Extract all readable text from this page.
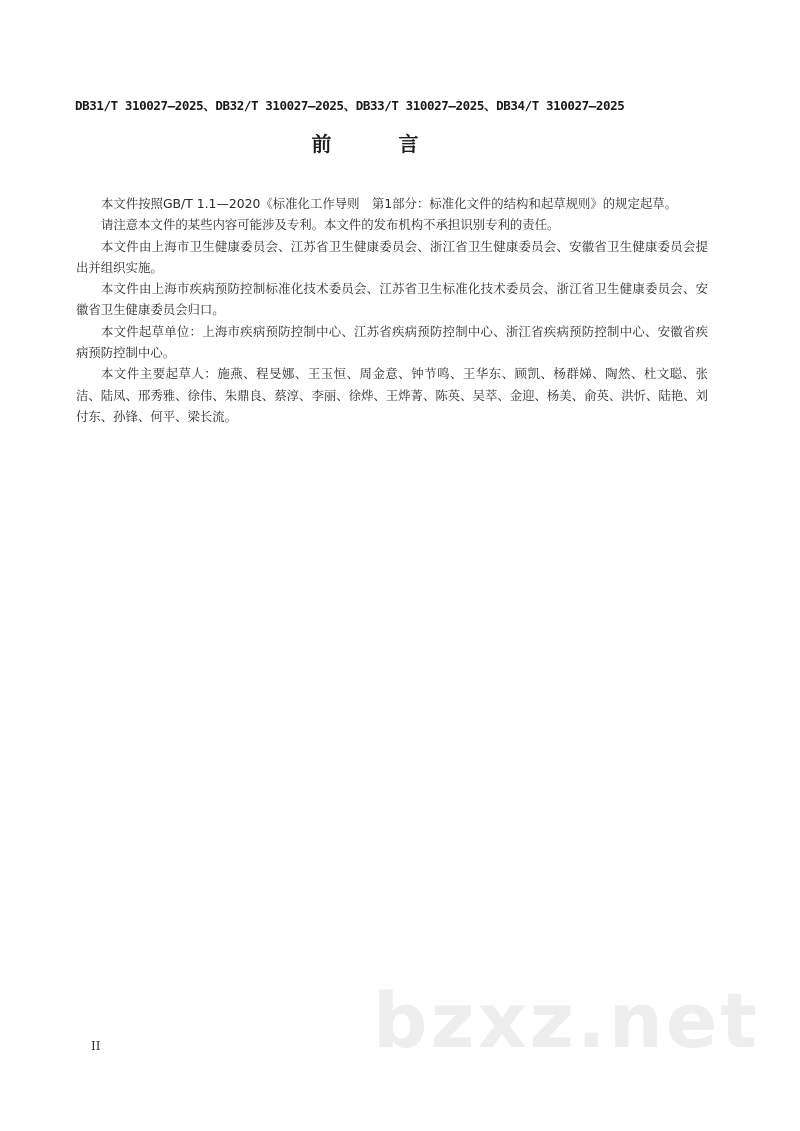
DB31/T 310027—2025、DB32/T 310027—2025、DB33/T 310027—2025、DB34/T 310027—2025
前 言

本文件按照GB/T 1.1—2020《标准化工作导则　第1部分：标准化文件的结构和起草规则》的规定起草。

请注意本文件的某些内容可能涉及专利。本文件的发布机构不承担识别专利的责任。

本文件由上海市卫生健康委员会、江苏省卫生健康委员会、浙江省卫生健康委员会、安徽省卫生健康委员会提出并组织实施。

本文件由上海市疾病预防控制标准化技术委员会、江苏省卫生标准化技术委员会、浙江省卫生健康委员会、安徽省卫生健康委员会归口。

本文件起草单位：上海市疾病预防控制中心、江苏省疾病预防控制中心、浙江省疾病预防控制中心、安徽省疾病预防控制中心。

本文件主要起草人：施燕、程旻娜、王玉恒、周金意、钟节鸣、王华东、顾凯、杨群娣、陶然、杜文聪、张洁、陆凤、邢秀雅、徐伟、朱鼎良、蔡淳、李丽、徐烨、王烨菁、陈英、吴萃、金迎、杨美、俞英、洪忻、陆艳、刘付东、孙锋、何平、梁长流。

bzxz.net
II
